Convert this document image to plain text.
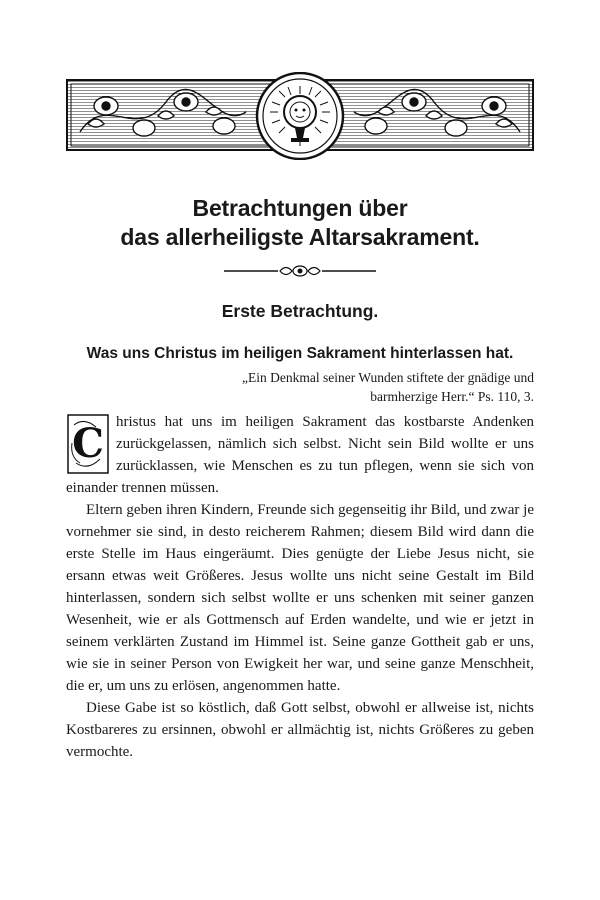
Betrachtungen über
das allerheiligste Altarsakrament.
Erste Betrachtung.
Was uns Christus im heiligen Sakrament hinterlassen hat.
„Ein Denkmal seiner Wunden stiftete der gnädige und
barmherzige Herr.“ Ps. 110, 3.

C hristus hat uns im heiligen Sakrament das kostbarste Andenken zurückgelassen, nämlich sich selbst. Nicht sein Bild wollte er uns zurücklassen, wie Menschen es zu tun pflegen, wenn sie sich von einander trennen müssen.

Eltern geben ihren Kindern, Freunde sich gegenseitig ihr Bild, und zwar je vornehmer sie sind, in desto reicherem Rahmen; diesem Bild wird dann die erste Stelle im Haus eingeräumt. Dies genügte der Liebe Jesus nicht, sie ersann etwas weit Größeres. Jesus wollte uns nicht seine Gestalt im Bild hinterlassen, sondern sich selbst wollte er uns schenken mit seiner ganzen Wesenheit, wie er als Gottmensch auf Erden wandelte, und wie er jetzt in seinem verklärten Zustand im Himmel ist. Seine ganze Gottheit gab er uns, wie sie in seiner Person von Ewigkeit her war, und seine ganze Menschheit, die er, um uns zu erlösen, angenommen hatte.

Diese Gabe ist so köstlich, daß Gott selbst, obwohl er allweise ist, nichts Kostbareres zu ersinnen, obwohl er allmächtig ist, nichts Größeres zu geben vermochte.
